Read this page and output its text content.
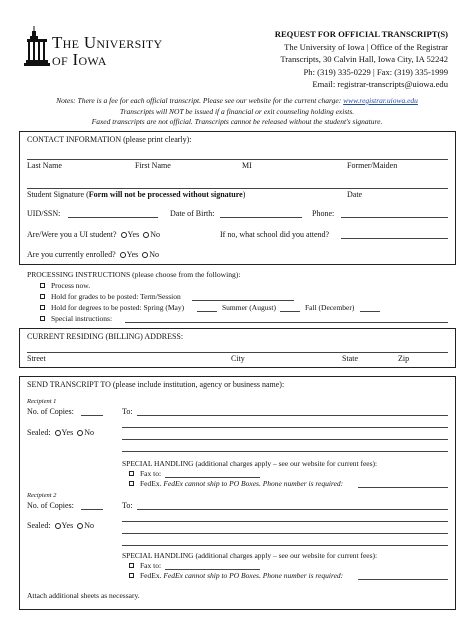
The University
of Iowa
REQUEST FOR OFFICIAL TRANSCRIPT(S)
The University of Iowa | Office of the Registrar
Transcripts, 30 Calvin Hall, Iowa City, IA 52242
Ph: (319) 335-0229 | Fax: (319) 335-1999
Email: registrar-transcripts@uiowa.edu
Notes: There is a fee for each official transcript. Please see our website for the current charge: www.registrar.uiowa.edu
Transcripts will NOT be issued if a financial or exit counseling holding exists.
Faxed transcripts are not official. Transcripts cannot be released without the student's signature.
CONTACT INFORMATION (please print clearly):
Last Name	First Name	MI	Former/Maiden
Student Signature (Form will not be processed without signature)	Date
UID/SSN:	Date of Birth:	Phone:
Are/Were you a UI student? Yes No	If no, what school did you attend?
Are you currently enrolled? Yes No
PROCESSING INSTRUCTIONS (please choose from the following):
Process now.
Hold for grades to be posted: Term/Session
Hold for degrees to be posted: Spring (May)	Summer (August)	Fall (December)
Special instructions:
CURRENT RESIDING (BILLING) ADDRESS:
Street	City	State	Zip
SEND TRANSCRIPT TO (please include institution, agency or business name):
Recipient 1
No. of Copies:	To:
Sealed: Yes No
SPECIAL HANDLING (additional charges apply – see our website for current fees):
Fax to:
FedEx. FedEx cannot ship to PO Boxes. Phone number is required:
Recipient 2
No. of Copies:	To:
Sealed: Yes No
SPECIAL HANDLING (additional charges apply – see our website for current fees):
Fax to:
FedEx. FedEx cannot ship to PO Boxes. Phone number is required:
Attach additional sheets as necessary.
